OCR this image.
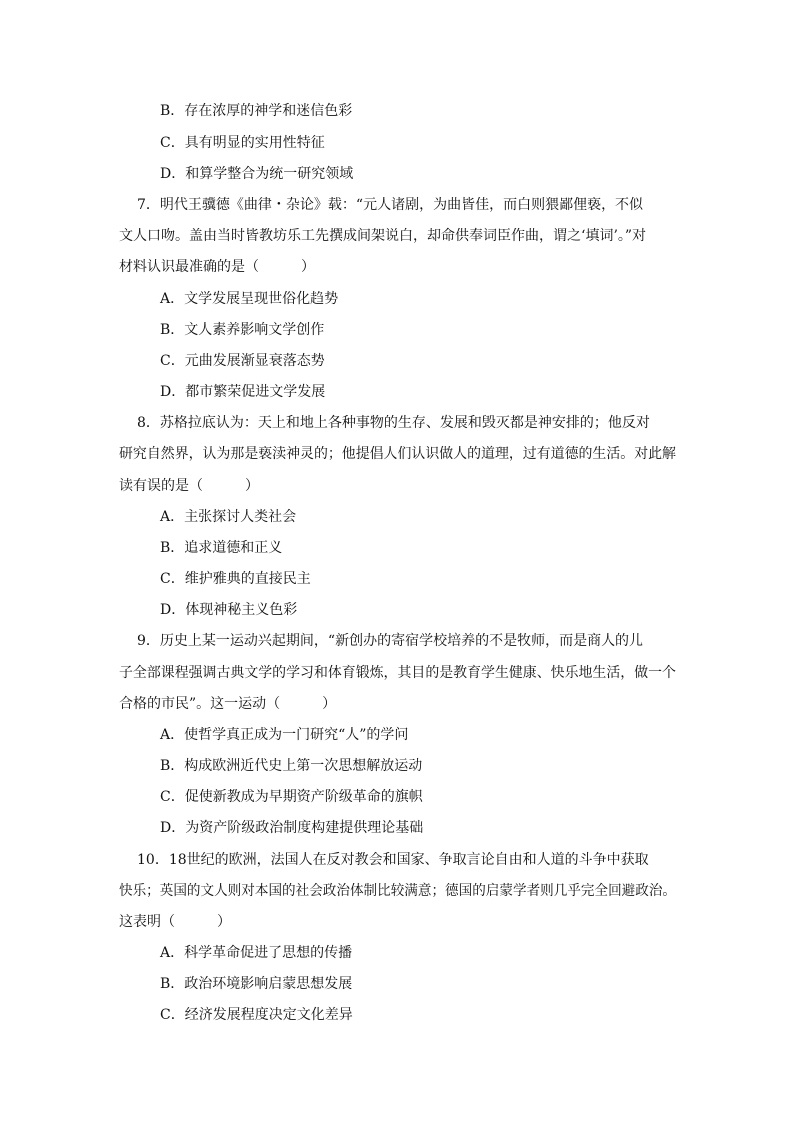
B．存在浓厚的神学和迷信色彩
C．具有明显的实用性特征
D．和算学整合为统一研究领域
7．明代王骥德《曲律・杂论》载：“元人诸剧，为曲皆佳，而白则猥鄙俚亵，不似
文人口吻。盖由当时皆教坊乐工先撰成间架说白，却命供奉词臣作曲，谓之‘填词’。”对
材料认识最准确的是（　　　）
A．文学发展呈现世俗化趋势
B．文人素养影响文学创作
C．元曲发展渐显衰落态势
D．都市繁荣促进文学发展
8．苏格拉底认为：天上和地上各种事物的生存、发展和毁灭都是神安排的；他反对
研究自然界，认为那是亵渎神灵的；他提倡人们认识做人的道理，过有道德的生活。对此解
读有误的是（　　　）
A．主张探讨人类社会
B．追求道德和正义
C．维护雅典的直接民主
D．体现神秘主义色彩
9．历史上某一运动兴起期间，“新创办的寄宿学校培养的不是牧师，而是商人的儿
子全部课程强调古典文学的学习和体育锻炼，其目的是教育学生健康、快乐地生活，做一个
合格的市民”。这一运动（　　　）
A．使哲学真正成为一门研究“人”的学问
B．构成欧洲近代史上第一次思想解放运动
C．促使新教成为早期资产阶级革命的旗帜
D．为资产阶级政治制度构建提供理论基础
10．18世纪的欧洲，法国人在反对教会和国家、争取言论自由和人道的斗争中获取
快乐；英国的文人则对本国的社会政治体制比较满意；德国的启蒙学者则几乎完全回避政治。
这表明（　　　）
A．科学革命促进了思想的传播
B．政治环境影响启蒙思想发展
C．经济发展程度决定文化差异
